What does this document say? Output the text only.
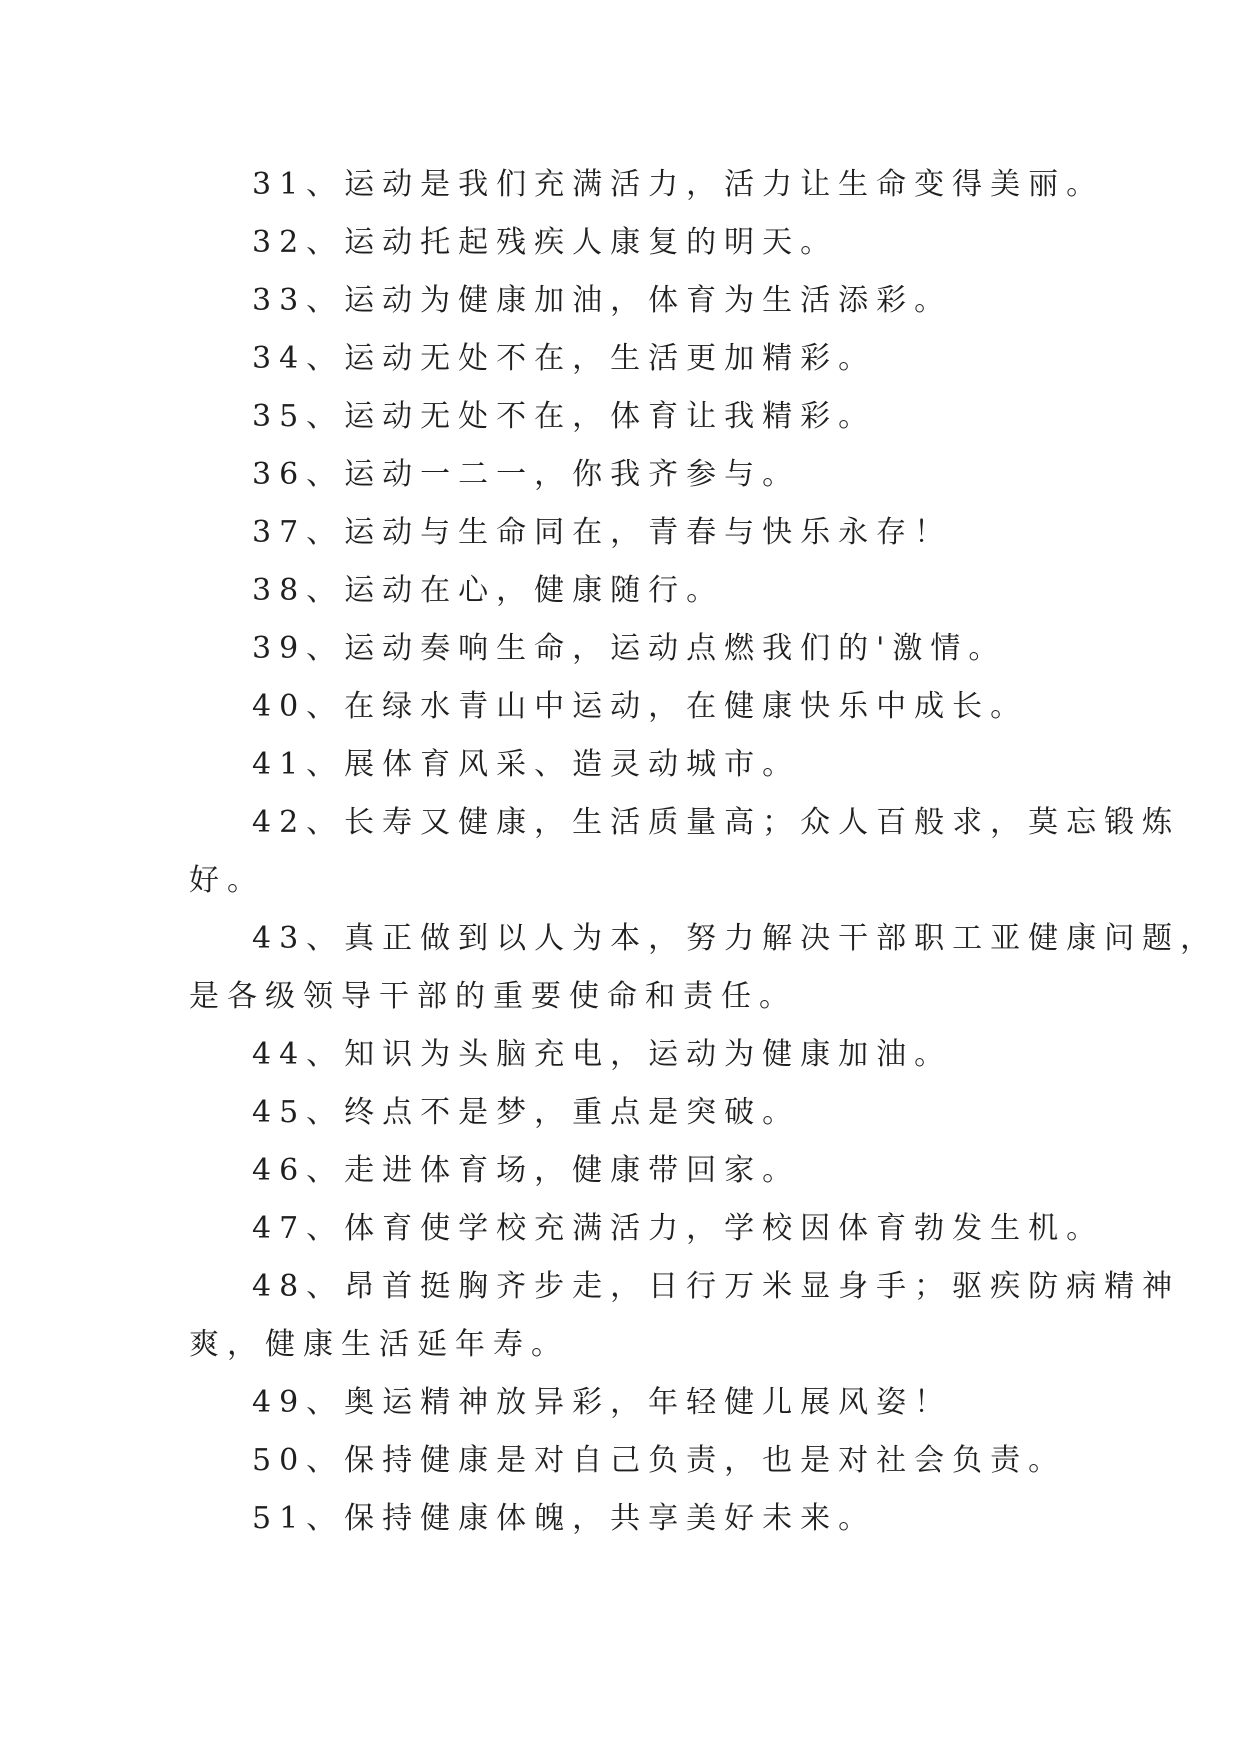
31、运动是我们充满活力，活力让生命变得美丽。
32、运动托起残疾人康复的明天。
33、运动为健康加油，体育为生活添彩。
34、运动无处不在，生活更加精彩。
35、运动无处不在，体育让我精彩。
36、运动一二一，你我齐参与。
37、运动与生命同在，青春与快乐永存！
38、运动在心，健康随行。
39、运动奏响生命，运动点燃我们的'激情。
40、在绿水青山中运动，在健康快乐中成长。
41、展体育风采、造灵动城市。
42、长寿又健康，生活质量高；众人百般求，莫忘锻炼
好。
43、真正做到以人为本，努力解决干部职工亚健康问题，
是各级领导干部的重要使命和责任。
44、知识为头脑充电，运动为健康加油。
45、终点不是梦，重点是突破。
46、走进体育场，健康带回家。
47、体育使学校充满活力，学校因体育勃发生机。
48、昂首挺胸齐步走，日行万米显身手；驱疾防病精神
爽，健康生活延年寿。
49、奥运精神放异彩，年轻健儿展风姿！
50、保持健康是对自己负责，也是对社会负责。
51、保持健康体魄，共享美好未来。
